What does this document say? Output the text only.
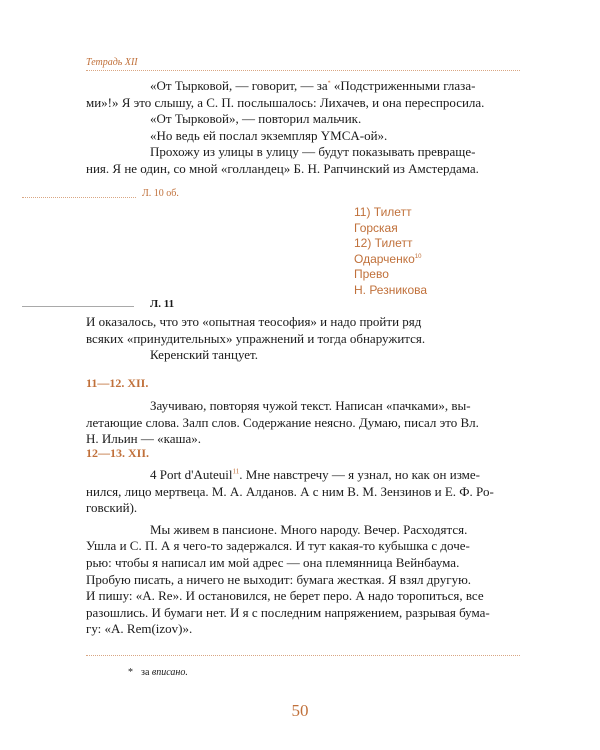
Тетрадь XII

«От Тырковой, — говорит, — за* «Подстриженными глаза-

ми»!» Я это слышу, а С. П. послышалось: Лихачев, и она переспросила.

«От Тырковой», — повторил мальчик.

«Но ведь ей послал экземпляр YMCA-ой».

Прохожу из улицы в улицу — будут показывать превраще-

ния. Я не один, со мной «голландец» Б. Н. Рапчинский из Амстердама.

Л. 10 об.
11) Тилетт
Горская
12) Тилетт
Одарченко$^{10}$
Прево
Н. Резникова
Л. 11

И оказалось, что это «опытная теософия» и надо пройти ряд

всяких «принудительных» упражнений и тогда обнаружится.

Керенский танцует.

11—12. XII.

Заучиваю, повторяя чужой текст. Написан «пачками», вы-

летающие слова. Залп слов. Содержание неясно. Думаю, писал это Вл.

Н. Ильин — «каша».

12—13. XII.

4 Port d'Auteuil$^{11}$. Мне навстречу — я узнал, но как он изме-

нился, лицо мертвеца. М. А. Алданов. А с ним В. М. Зензинов и Е. Ф. Ро-

говский).

Мы живем в пансионе. Много народу. Вечер. Расходятся.

Ушла и С. П. А я чего-то задержался. И тут какая-то кубышка с доче-

рью: чтобы я написал им мой адрес — она племянница Вейнбаума.

Пробую писать, а ничего не выходит: бумага жесткая. Я взял другую.

И пишу: «A. Re». И остановился, не берет перо. А надо торопиться, все

разошлись. И бумаги нет. И я с последним напряжением, разрывая бума-

гу: «A. Rem(izov)».

* за вписано.
50
